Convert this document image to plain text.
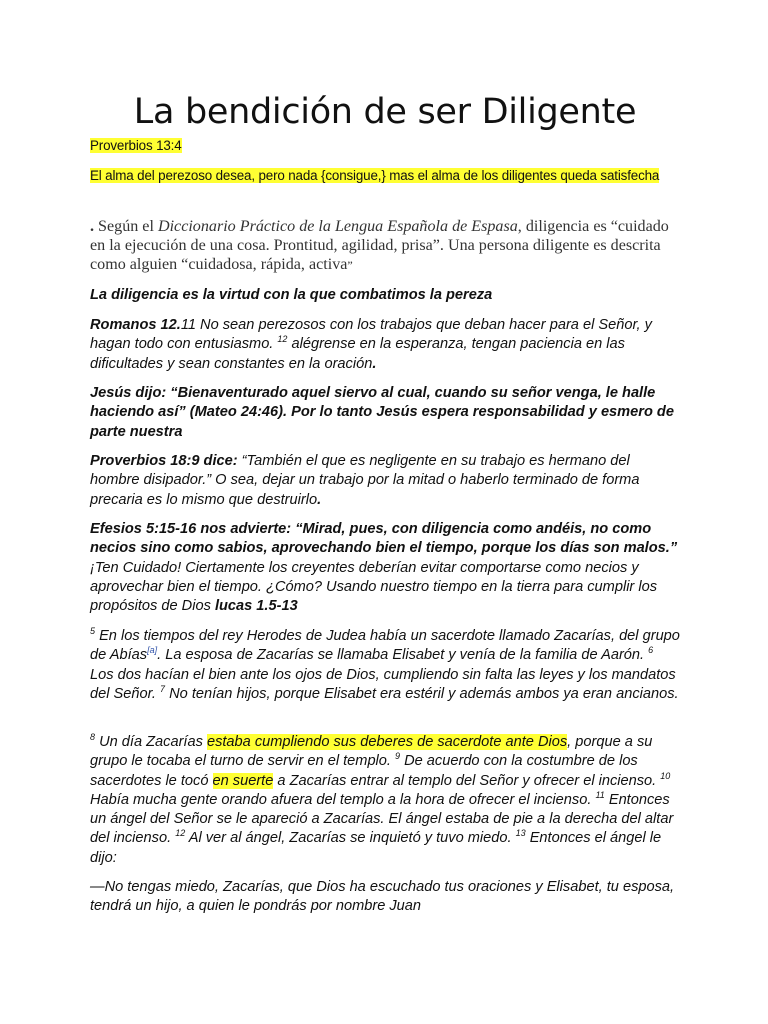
La bendición de ser Diligente

Proverbios 13:4

El alma del perezoso desea, pero nada {consigue,} mas el alma de los diligentes queda satisfecha

. Según el Diccionario Práctico de la Lengua Española de Espasa, diligencia es “cuidado en la ejecución de una cosa. Prontitud, agilidad, prisa”. Una persona diligente es descrita como alguien “cuidadosa, rápida, activa”

La diligencia es la virtud con la que combatimos la pereza

Romanos 12.11 No sean perezosos con los trabajos que deban hacer para el Señor, y hagan todo con entusiasmo. $^{12}$ alégrense en la esperanza, tengan paciencia en las dificultades y sean constantes en la oración.

Jesús dijo: “Bienaventurado aquel siervo al cual, cuando su señor venga, le halle haciendo así” (Mateo 24:46). Por lo tanto Jesús espera responsabilidad y esmero de parte nuestra

Proverbios 18:9 dice: “También el que es negligente en su trabajo es hermano del hombre disipador.” O sea, dejar un trabajo por la mitad o haberlo terminado de forma precaria es lo mismo que destruirlo.

Efesios 5:15-16 nos advierte: “Mirad, pues, con diligencia como andéis, no como necios sino como sabios, aprovechando bien el tiempo, porque los días son malos.” ¡Ten Cuidado! Ciertamente los creyentes deberían evitar comportarse como necios y aprovechar bien el tiempo. ¿Cómo? Usando nuestro tiempo en la tierra para cumplir los propósitos de Dios lucas 1.5-13

$^5$ En los tiempos del rey Herodes de Judea había un sacerdote llamado Zacarías, del grupo de Abías[a]. La esposa de Zacarías se llamaba Elisabet y venía de la familia de Aarón. $^6$ Los dos hacían el bien ante los ojos de Dios, cumpliendo sin falta las leyes y los mandatos del Señor. $^7$ No tenían hijos, porque Elisabet era estéril y además ambos ya eran ancianos.

$^8$ Un día Zacarías estaba cumpliendo sus deberes de sacerdote ante Dios, porque a su grupo le tocaba el turno de servir en el templo. $^9$ De acuerdo con la costumbre de los sacerdotes le tocó en suerte a Zacarías entrar al templo del Señor y ofrecer el incienso. $^{10}$ Había mucha gente orando afuera del templo a la hora de ofrecer el incienso. $^{11}$ Entonces un ángel del Señor se le apareció a Zacarías. El ángel estaba de pie a la derecha del altar del incienso. $^{12}$ Al ver al ángel, Zacarías se inquietó y tuvo miedo. $^{13}$ Entonces el ángel le dijo:

—No tengas miedo, Zacarías, que Dios ha escuchado tus oraciones y Elisabet, tu esposa, tendrá un hijo, a quien le pondrás por nombre Juan
